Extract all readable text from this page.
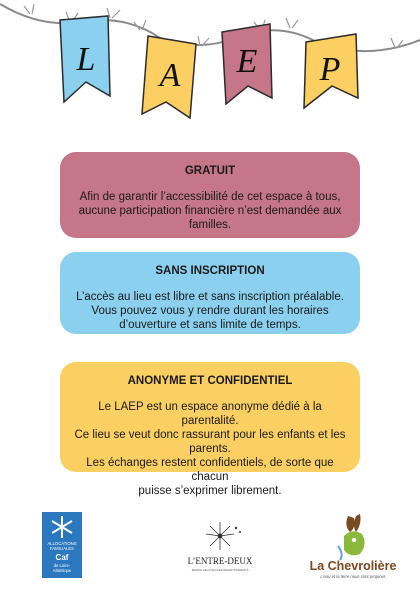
L A E P
GRATUIT

Afin de garantir l’accessibilité de cet espace à tous,
aucune participation financière n’est demandée aux
familles.

SANS INSCRIPTION

L’accès au lieu est libre et sans inscription préalable.
Vous pouvez vous y rendre durant les horaires
d’ouverture et sans limite de temps.

ANONYME ET CONFIDENTIEL

Le LAEP est un espace anonyme dédié à la parentalité.
Ce lieu se veut donc rassurant pour les enfants et les
parents.
Les échanges restent confidentiels, de sorte que chacun
puisse s’exprimer librement.

ALLOCATIONS
FAMILIALES
Caf
de Loire-
Atlantique
L’ENTRE-DEUX
ESPACE LIEU D’ACCUEIL ENFANTS PARENTS	La Chevrolière
L’eau et la terre nous sont propices
